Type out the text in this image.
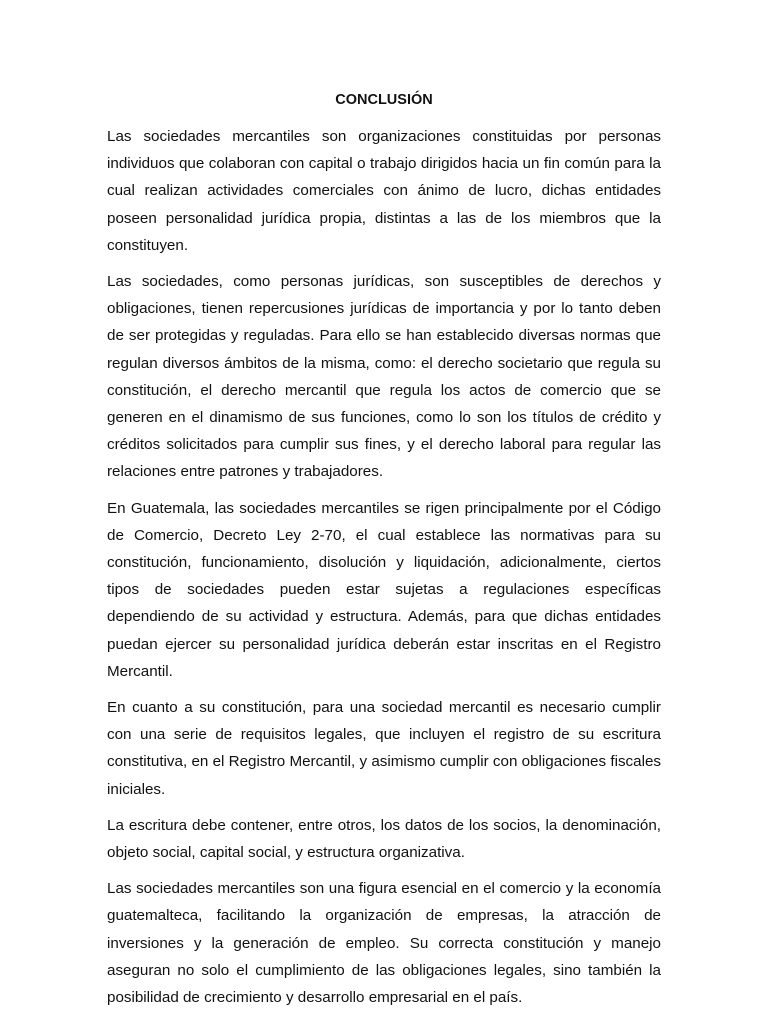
CONCLUSIÓN

Las sociedades mercantiles son organizaciones constituidas por personas individuos que colaboran con capital o trabajo dirigidos hacia un fin común para la cual realizan actividades comerciales con ánimo de lucro, dichas entidades poseen personalidad jurídica propia, distintas a las de los miembros que la constituyen.

Las sociedades, como personas jurídicas, son susceptibles de derechos y obligaciones, tienen repercusiones jurídicas de importancia y por lo tanto deben de ser protegidas y reguladas. Para ello se han establecido diversas normas que regulan diversos ámbitos de la misma, como: el derecho societario que regula su constitución, el derecho mercantil que regula los actos de comercio que se generen en el dinamismo de sus funciones, como lo son los títulos de crédito y créditos solicitados para cumplir sus fines, y el derecho laboral para regular las relaciones entre patrones y trabajadores.

En Guatemala, las sociedades mercantiles se rigen principalmente por el Código de Comercio, Decreto Ley 2-70, el cual establece las normativas para su constitución, funcionamiento, disolución y liquidación, adicionalmente, ciertos tipos de sociedades pueden estar sujetas a regulaciones específicas dependiendo de su actividad y estructura. Además, para que dichas entidades puedan ejercer su personalidad jurídica deberán estar inscritas en el Registro Mercantil.

En cuanto a su constitución, para una sociedad mercantil es necesario cumplir con una serie de requisitos legales, que incluyen el registro de su escritura constitutiva, en el Registro Mercantil, y asimismo cumplir con obligaciones fiscales iniciales.

La escritura debe contener, entre otros, los datos de los socios, la denominación, objeto social, capital social, y estructura organizativa.

Las sociedades mercantiles son una figura esencial en el comercio y la economía guatemalteca, facilitando la organización de empresas, la atracción de inversiones y la generación de empleo. Su correcta constitución y manejo aseguran no solo el cumplimiento de las obligaciones legales, sino también la posibilidad de crecimiento y desarrollo empresarial en el país.
